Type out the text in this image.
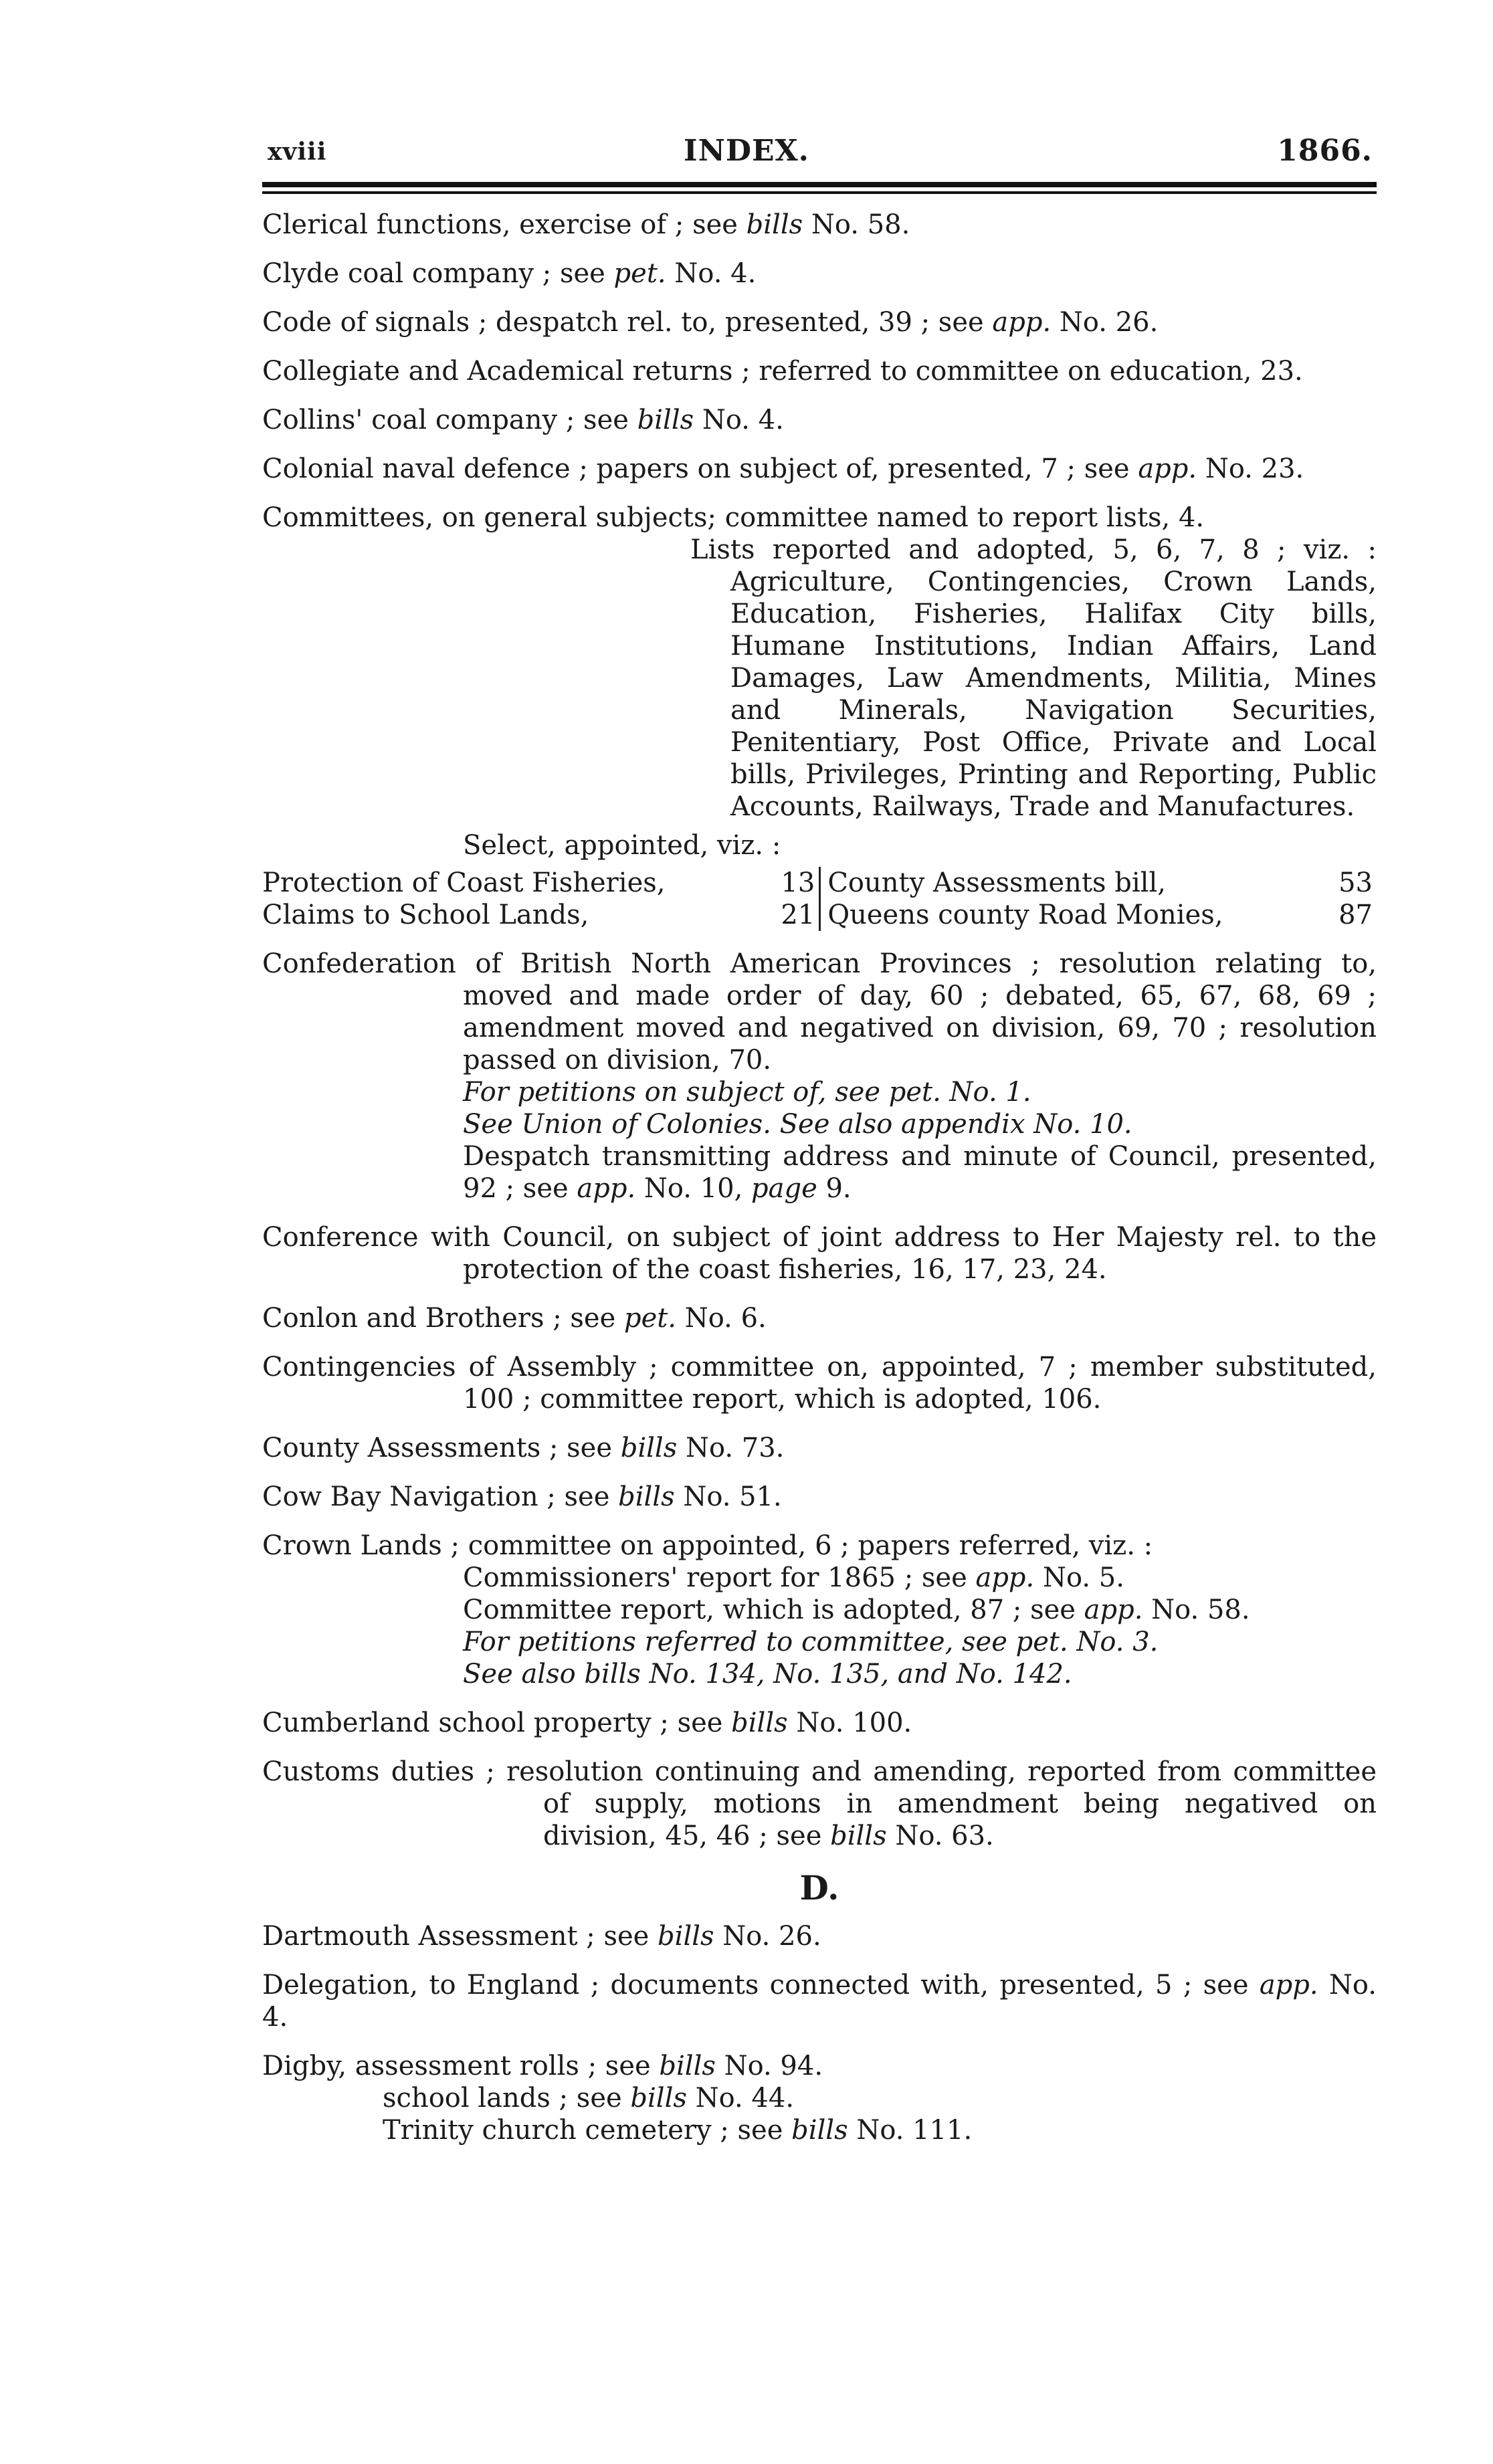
xviii	INDEX.	1866.
Clerical functions, exercise of ; see bills No. 58.
Clyde coal company ; see pet. No. 4.
Code of signals ; despatch rel. to, presented, 39 ; see app. No. 26.
Collegiate and Academical returns ; referred to committee on education, 23.
Collins' coal company ; see bills No. 4.
Colonial naval defence ; papers on subject of, presented, 7 ; see app. No. 23.
Committees, on general subjects; committee named to report lists, 4.
Lists reported and adopted, 5, 6, 7, 8 ; viz. : Agriculture, Contingencies, Crown Lands, Education, Fisheries, Halifax City bills, Humane Institutions, Indian Affairs, Land Damages, Law Amendments, Militia, Mines and Minerals, Navigation Securities, Penitentiary, Post Office, Private and Local bills, Privileges, Printing and Reporting, Public Accounts, Railways, Trade and Manufactures.
Select, appointed, viz. :
Protection of Coast Fisheries,	13	County Assessments bill,	53
Claims to School Lands,	21	Queens county Road Monies,	87
Confederation of British North American Provinces ; resolution relating to, moved and made order of day, 60 ; debated, 65, 67, 68, 69 ; amendment moved and negatived on division, 69, 70 ; resolution passed on division, 70.
For petitions on subject of, see pet. No. 1.
See Union of Colonies. See also appendix No. 10.
Despatch transmitting address and minute of Council, presented, 92 ; see app. No. 10, page 9.
Conference with Council, on subject of joint address to Her Majesty rel. to the protection of the coast fisheries, 16, 17, 23, 24.
Conlon and Brothers ; see pet. No. 6.
Contingencies of Assembly ; committee on, appointed, 7 ; member substituted, 100 ; committee report, which is adopted, 106.
County Assessments ; see bills No. 73.
Cow Bay Navigation ; see bills No. 51.
Crown Lands ; committee on appointed, 6 ; papers referred, viz. :
Commissioners' report for 1865 ; see app. No. 5.
Committee report, which is adopted, 87 ; see app. No. 58.
For petitions referred to committee, see pet. No. 3.
See also bills No. 134, No. 135, and No. 142.
Cumberland school property ; see bills No. 100.
Customs duties ; resolution continuing and amending, reported from committee of supply, motions in amendment being negatived on division, 45, 46 ; see bills No. 63.
D.
Dartmouth Assessment ; see bills No. 26.
Delegation, to England ; documents connected with, presented, 5 ; see app. No. 4.
Digby, assessment rolls ; see bills No. 94.
school lands ; see bills No. 44.
Trinity church cemetery ; see bills No. 111.
